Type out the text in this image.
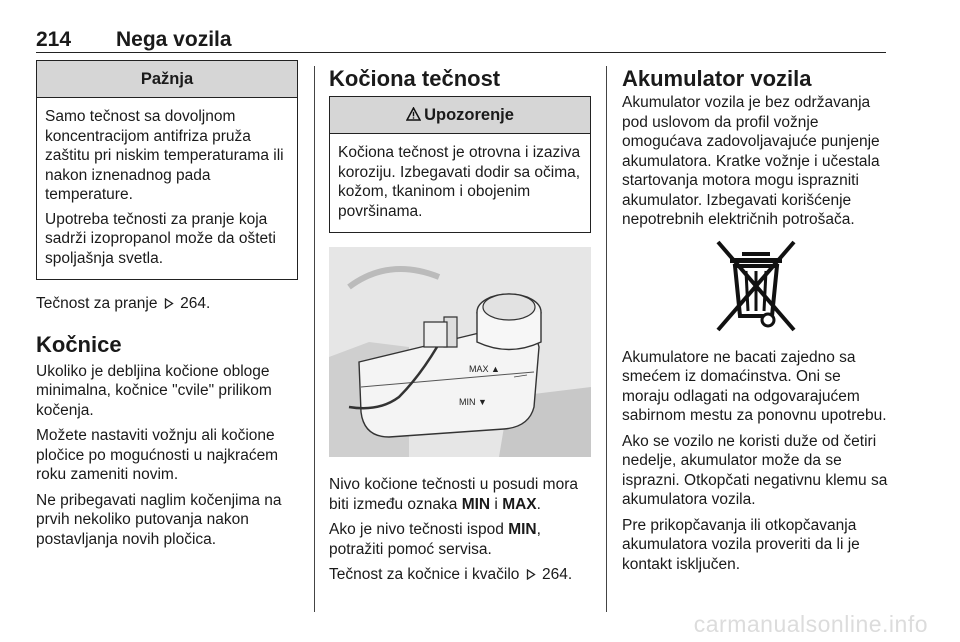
214 Nega vozila
Pažnja

Samo tečnost sa dovoljnom koncentracijom antifriza pruža zaštitu pri niskim temperaturama ili nakon iznenadnog pada temperature.

Upotreba tečnosti za pranje koja sadrži izopropanol može da ošteti spoljašnja svetla.

Tečnost za pranje 264.

Kočnice

Ukoliko je debljina kočione obloge minimalna, kočnice "cvile" prilikom kočenja.

Možete nastaviti vožnju ali kočione pločice po mogućnosti u najkraćem roku zameniti novim.

Ne pribegavati naglim kočenjima na prvih nekoliko putovanja nakon postavljanja novih pločica.

Kočiona tečnost
Upozorenje

Kočiona tečnost je otrovna i izaziva koroziju. Izbegavati dodir sa očima, kožom, tkaninom i obojenim površinama.

MAX ▲
MIN ▼

Nivo kočione tečnosti u posudi mora biti između oznaka MIN i MAX.

Ako je nivo tečnosti ispod MIN, potražiti pomoć servisa.

Tečnost za kočnice i kvačilo 264.

Akumulator vozila

Akumulator vozila je bez održavanja pod uslovom da profil vožnje omogućava zadovoljavajuće punjenje akumulatora. Kratke vožnje i učestala startovanja motora mogu isprazniti akumulator. Izbegavati korišćenje nepotrebnih električnih potrošača.

Akumulatore ne bacati zajedno sa smećem iz domaćinstva. Oni se moraju odlagati na odgovarajućem sabirnom mestu za ponovnu upotrebu.

Ako se vozilo ne koristi duže od četiri nedelje, akumulator može da se isprazni. Otkopčati negativnu klemu sa akumulatora vozila.

Pre prikopčavanja ili otkopčavanja akumulatora vozila proveriti da li je kontakt isključen.

carmanualsonline.info
